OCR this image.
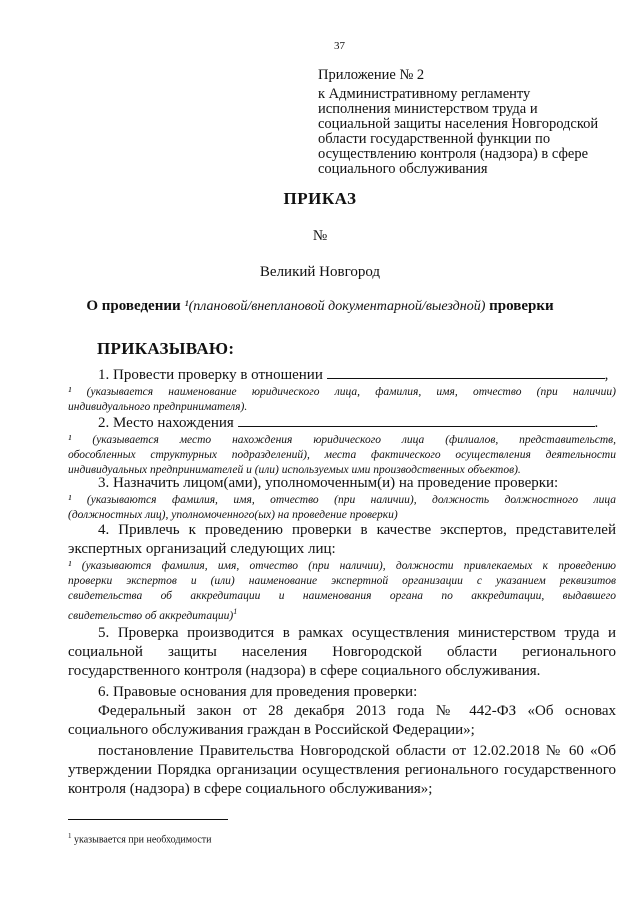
37
Приложение № 2
к Административному регламенту
исполнения министерством труда и
социальной защиты населения Новгородской
области государственной функции по
осуществлению контроля (надзора) в сфере
социального обслуживания
ПРИКАЗ
№
Великий Новгород
О проведении ¹(плановой/внеплановой документарной/выездной) проверки
ПРИКАЗЫВАЮ:
1. Провести проверку в отношении	,
¹ (указывается наименование юридического лица, фамилия, имя, отчество (при наличии)
индивидуального предпринимателя).
2. Место нахождения	.
¹ (указывается место нахождения юридического лица (филиалов, представительств,
обособленных структурных подразделений), места фактического осуществления деятельности
индивидуальных предпринимателей и (или) используемых ими производственных объектов).
3. Назначить лицом(ами), уполномоченным(и) на проведение проверки:
¹ (указываются фамилия, имя, отчество (при наличии), должность должностного лица
(должностных лиц), уполномоченного(ых) на проведение проверки)
4. Привлечь к проведению проверки в качестве экспертов, представителей
экспертных организаций следующих лиц:
¹ (указываются фамилия, имя, отчество (при наличии), должности привлекаемых к проведению
проверки экспертов и (или) наименование экспертной организации с указанием реквизитов
свидетельства об аккредитации и наименования органа по аккредитации, выдавшего
свидетельство об аккредитации)$^1$
5. Проверка производится в рамках осуществления министерством труда и
социальной защиты населения Новгородской области регионального
государственного контроля (надзора) в сфере социального обслуживания.
6. Правовые основания для проведения проверки:
Федеральный закон от 28 декабря 2013 года № 442-ФЗ «Об основах
социального обслуживания граждан в Российской Федерации»;
постановление Правительства Новгородской области от 12.02.2018 № 60 «Об
утверждении Порядка организации осуществления регионального государственного
контроля (надзора) в сфере социального обслуживания»;
$^1$ указывается при необходимости
